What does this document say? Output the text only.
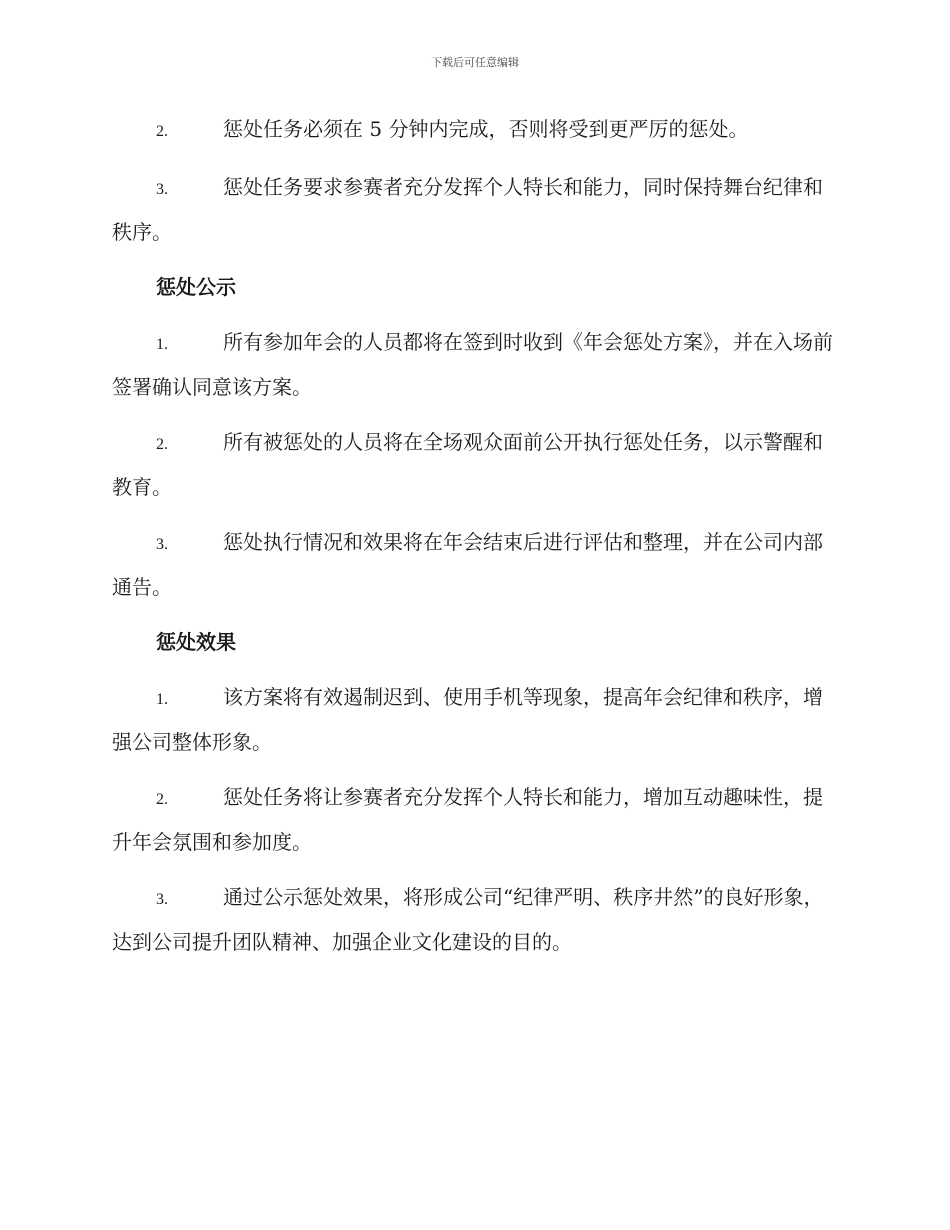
下载后可任意编辑

2.	惩处任务必须在 5 分钟内完成，否则将受到更严厉的惩处。

3.	惩处任务要求参赛者充分发挥个人特长和能力，同时保持舞台纪律和秩序。

惩处公示

1.	所有参加年会的人员都将在签到时收到《年会惩处方案》，并在入场前签署确认同意该方案。

2.	所有被惩处的人员将在全场观众面前公开执行惩处任务，以示警醒和教育。

3.	惩处执行情况和效果将在年会结束后进行评估和整理，并在公司内部通告。

惩处效果

1.	该方案将有效遏制迟到、使用手机等现象，提高年会纪律和秩序，增强公司整体形象。

2.	惩处任务将让参赛者充分发挥个人特长和能力，增加互动趣味性，提升年会氛围和参加度。

3.	通过公示惩处效果，将形成公司“纪律严明、秩序井然”的良好形象，达到公司提升团队精神、加强企业文化建设的目的。
